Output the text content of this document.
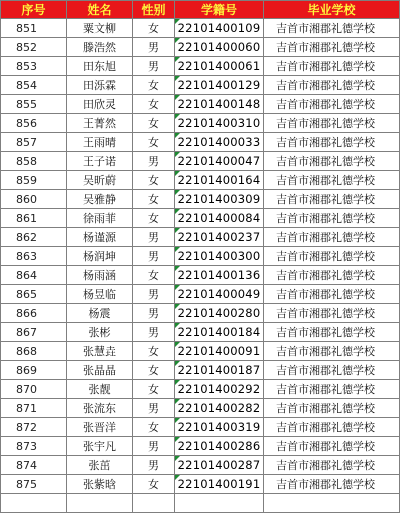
序号	姓名	性别	学籍号	毕业学校
851	粟文柳	女	22101400109	吉首市湘郡礼德学校
852	滕浩然	男	22101400060	吉首市湘郡礼德学校
853	田东旭	男	22101400061	吉首市湘郡礼德学校
854	田泺霖	女	22101400129	吉首市湘郡礼德学校
855	田欣灵	女	22101400148	吉首市湘郡礼德学校
856	王菁然	女	22101400310	吉首市湘郡礼德学校
857	王雨晴	女	22101400033	吉首市湘郡礼德学校
858	王子诺	男	22101400047	吉首市湘郡礼德学校
859	吴昕蔚	女	22101400164	吉首市湘郡礼德学校
860	吴雅静	女	22101400309	吉首市湘郡礼德学校
861	徐雨菲	女	22101400084	吉首市湘郡礼德学校
862	杨谨源	男	22101400237	吉首市湘郡礼德学校
863	杨润坤	男	22101400300	吉首市湘郡礼德学校
864	杨雨涵	女	22101400136	吉首市湘郡礼德学校
865	杨昱临	男	22101400049	吉首市湘郡礼德学校
866	杨震	男	22101400280	吉首市湘郡礼德学校
867	张彬	男	22101400184	吉首市湘郡礼德学校
868	张慧垚	女	22101400091	吉首市湘郡礼德学校
869	张晶晶	女	22101400187	吉首市湘郡礼德学校
870	张靓	女	22101400292	吉首市湘郡礼德学校
871	张流东	男	22101400282	吉首市湘郡礼德学校
872	张晋洋	女	22101400319	吉首市湘郡礼德学校
873	张宇凡	男	22101400286	吉首市湘郡礼德学校
874	张茁	男	22101400287	吉首市湘郡礼德学校
875	张紫晗	女	22101400191	吉首市湘郡礼德学校
